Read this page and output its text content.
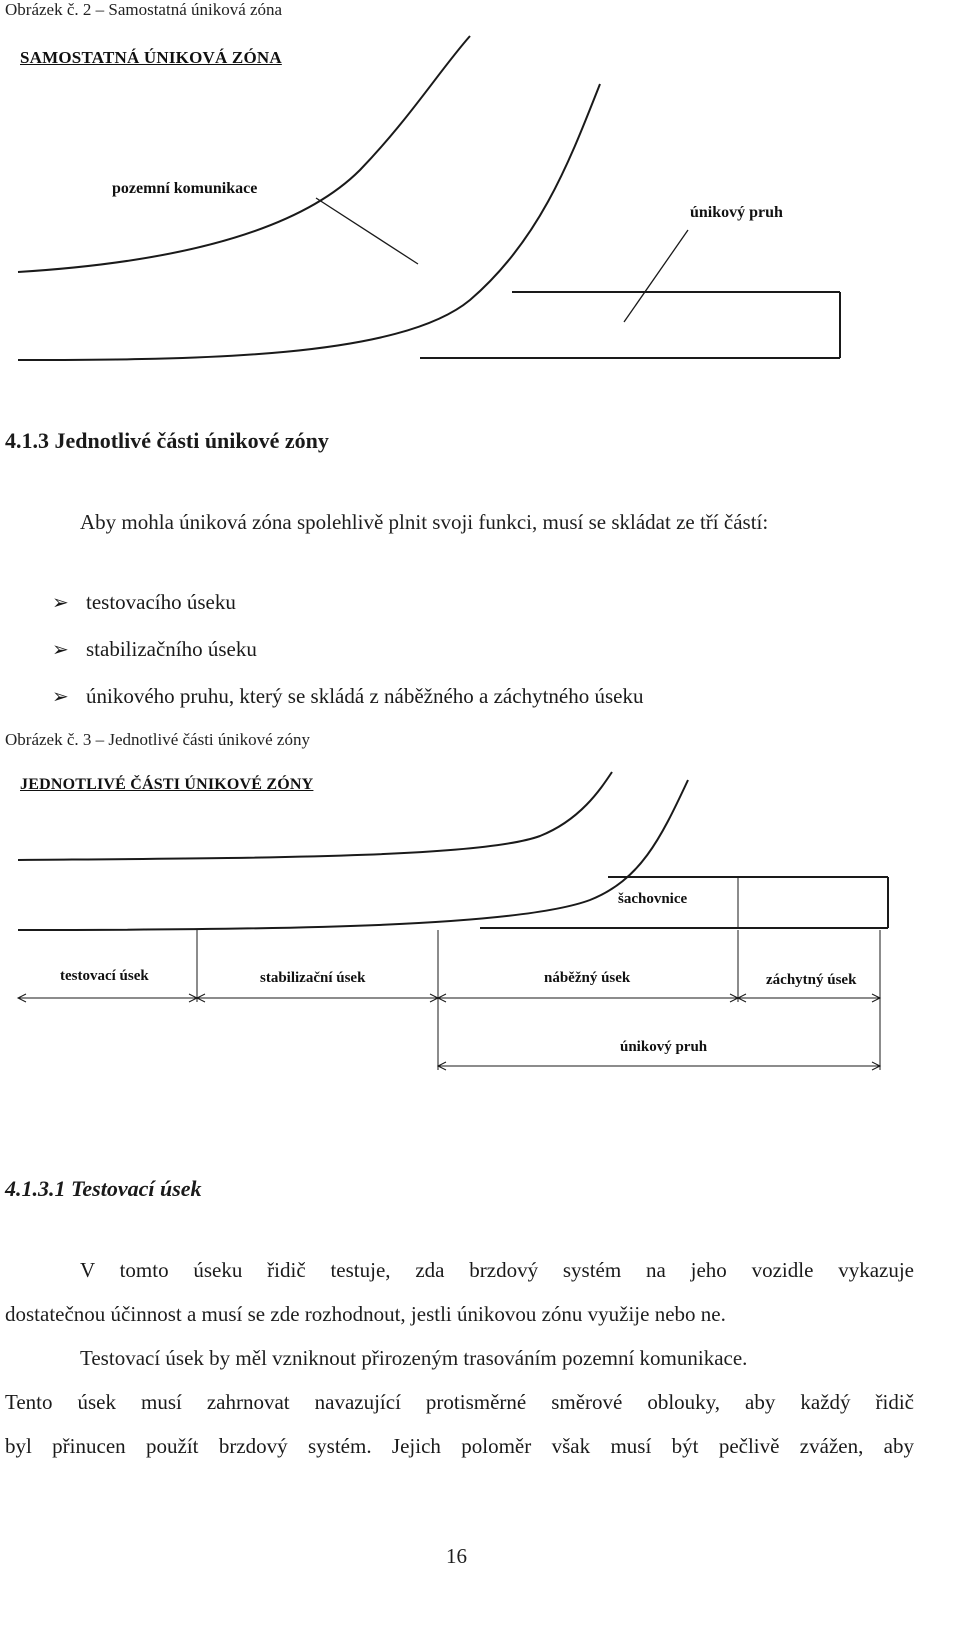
Obrázek č. 2 – Samostatná úniková zóna
SAMOSTATNÁ ÚNIKOVÁ ZÓNA
pozemní komunikace
únikový pruh
4.1.3 Jednotlivé části únikové zóny
Aby mohla úniková zóna spolehlivě plnit svoji funkci, musí se skládat ze tří částí:
➢ testovacího úseku
➢ stabilizačního úseku
➢ únikového pruhu, který se skládá z náběžného a záchytného úseku
Obrázek č. 3 – Jednotlivé části únikové zóny
JEDNOTLIVÉ ČÁSTI ÚNIKOVÉ ZÓNY
šachovnice
testovací úsek	stabilizační úsek	náběžný úsek	záchytný úsek
únikový pruh
4.1.3.1 Testovací úsek
V tomto úseku řidič testuje, zda brzdový systém na jeho vozidle vykazuje
dostatečnou účinnost a musí se zde rozhodnout, jestli únikovou zónu využije nebo ne.
Testovací úsek by měl vzniknout přirozeným trasováním pozemní komunikace.
Tento úsek musí zahrnovat navazující protisměrné směrové oblouky, aby každý řidič
byl přinucen použít brzdový systém. Jejich poloměr však musí být pečlivě zvážen, aby
16
